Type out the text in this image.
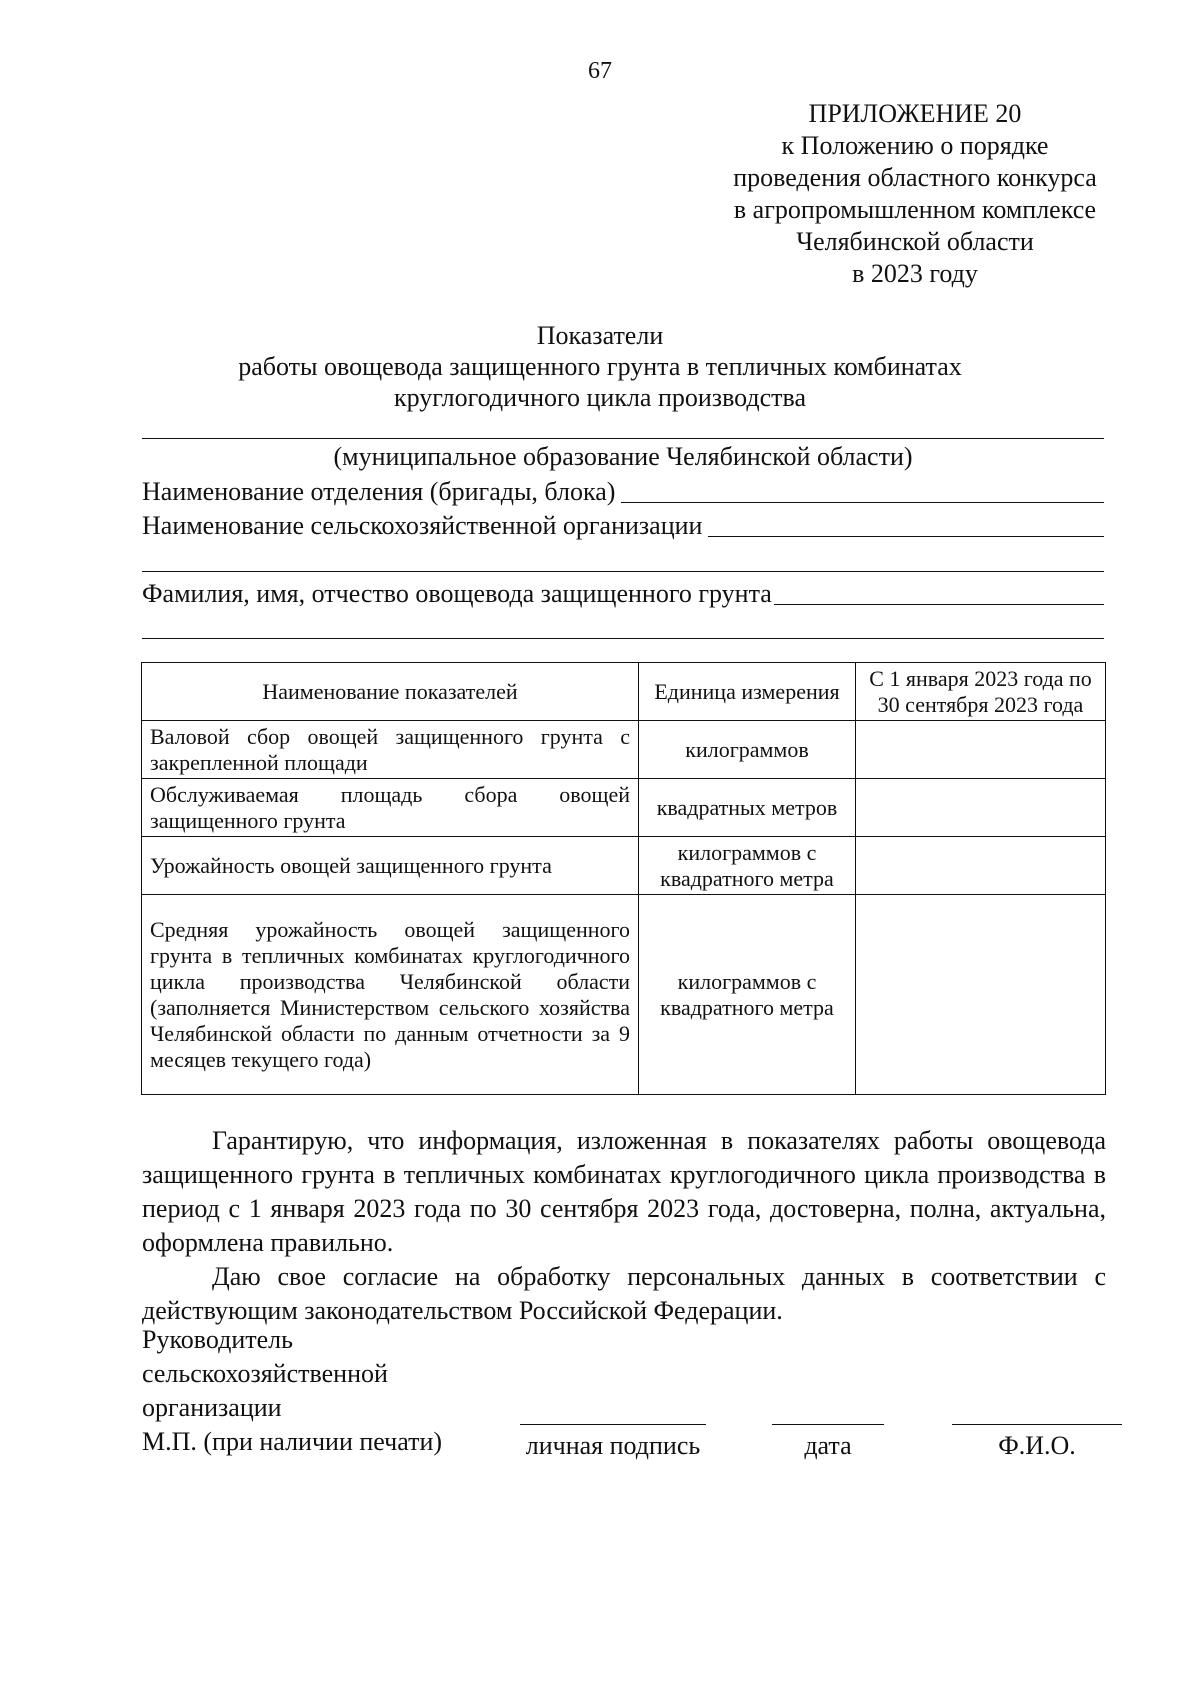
67
ПРИЛОЖЕНИЕ 20
к Положению о порядке
проведения областного конкурса
в агропромышленном комплексе
Челябинской области
в 2023 году
Показатели
работы овощевода защищенного грунта в тепличных комбинатах
круглогодичного цикла производства
(муниципальное образование Челябинской области)
Наименование отделения (бригады, блока)
Наименование сельскохозяйственной организации
Фамилия, имя, отчество овощевода защищенного грунта
Наименование показателей	Единица измерения	С 1 января 2023 года по 30 сентября 2023 года
Валовой сбор овощей защищенного грунта с закрепленной площади	килограммов	
Обслуживаемая площадь сбора овощей защищенного грунта	квадратных метров	
Урожайность овощей защищенного грунта	килограммов с квадратного метра	
Средняя урожайность овощей защищенного грунта в тепличных комбинатах круглогодичного цикла производства Челябинской области (заполняется Министерством сельского хозяйства Челябинской области по данным отчетности за 9 месяцев текущего года)	килограммов с квадратного метра	

Гарантирую, что информация, изложенная в показателях работы овощевода защищенного грунта в тепличных комбинатах круглогодичного цикла производства в период с 1 января 2023 года по 30 сентября 2023 года, достоверна, полна, актуальна, оформлена правильно.

Даю свое согласие на обработку персональных данных в соответствии с действующим законодательством Российской Федерации.

Руководитель
сельскохозяйственной
организации
М.П. (при наличии печати)	личная подпись	дата	Ф.И.О.
